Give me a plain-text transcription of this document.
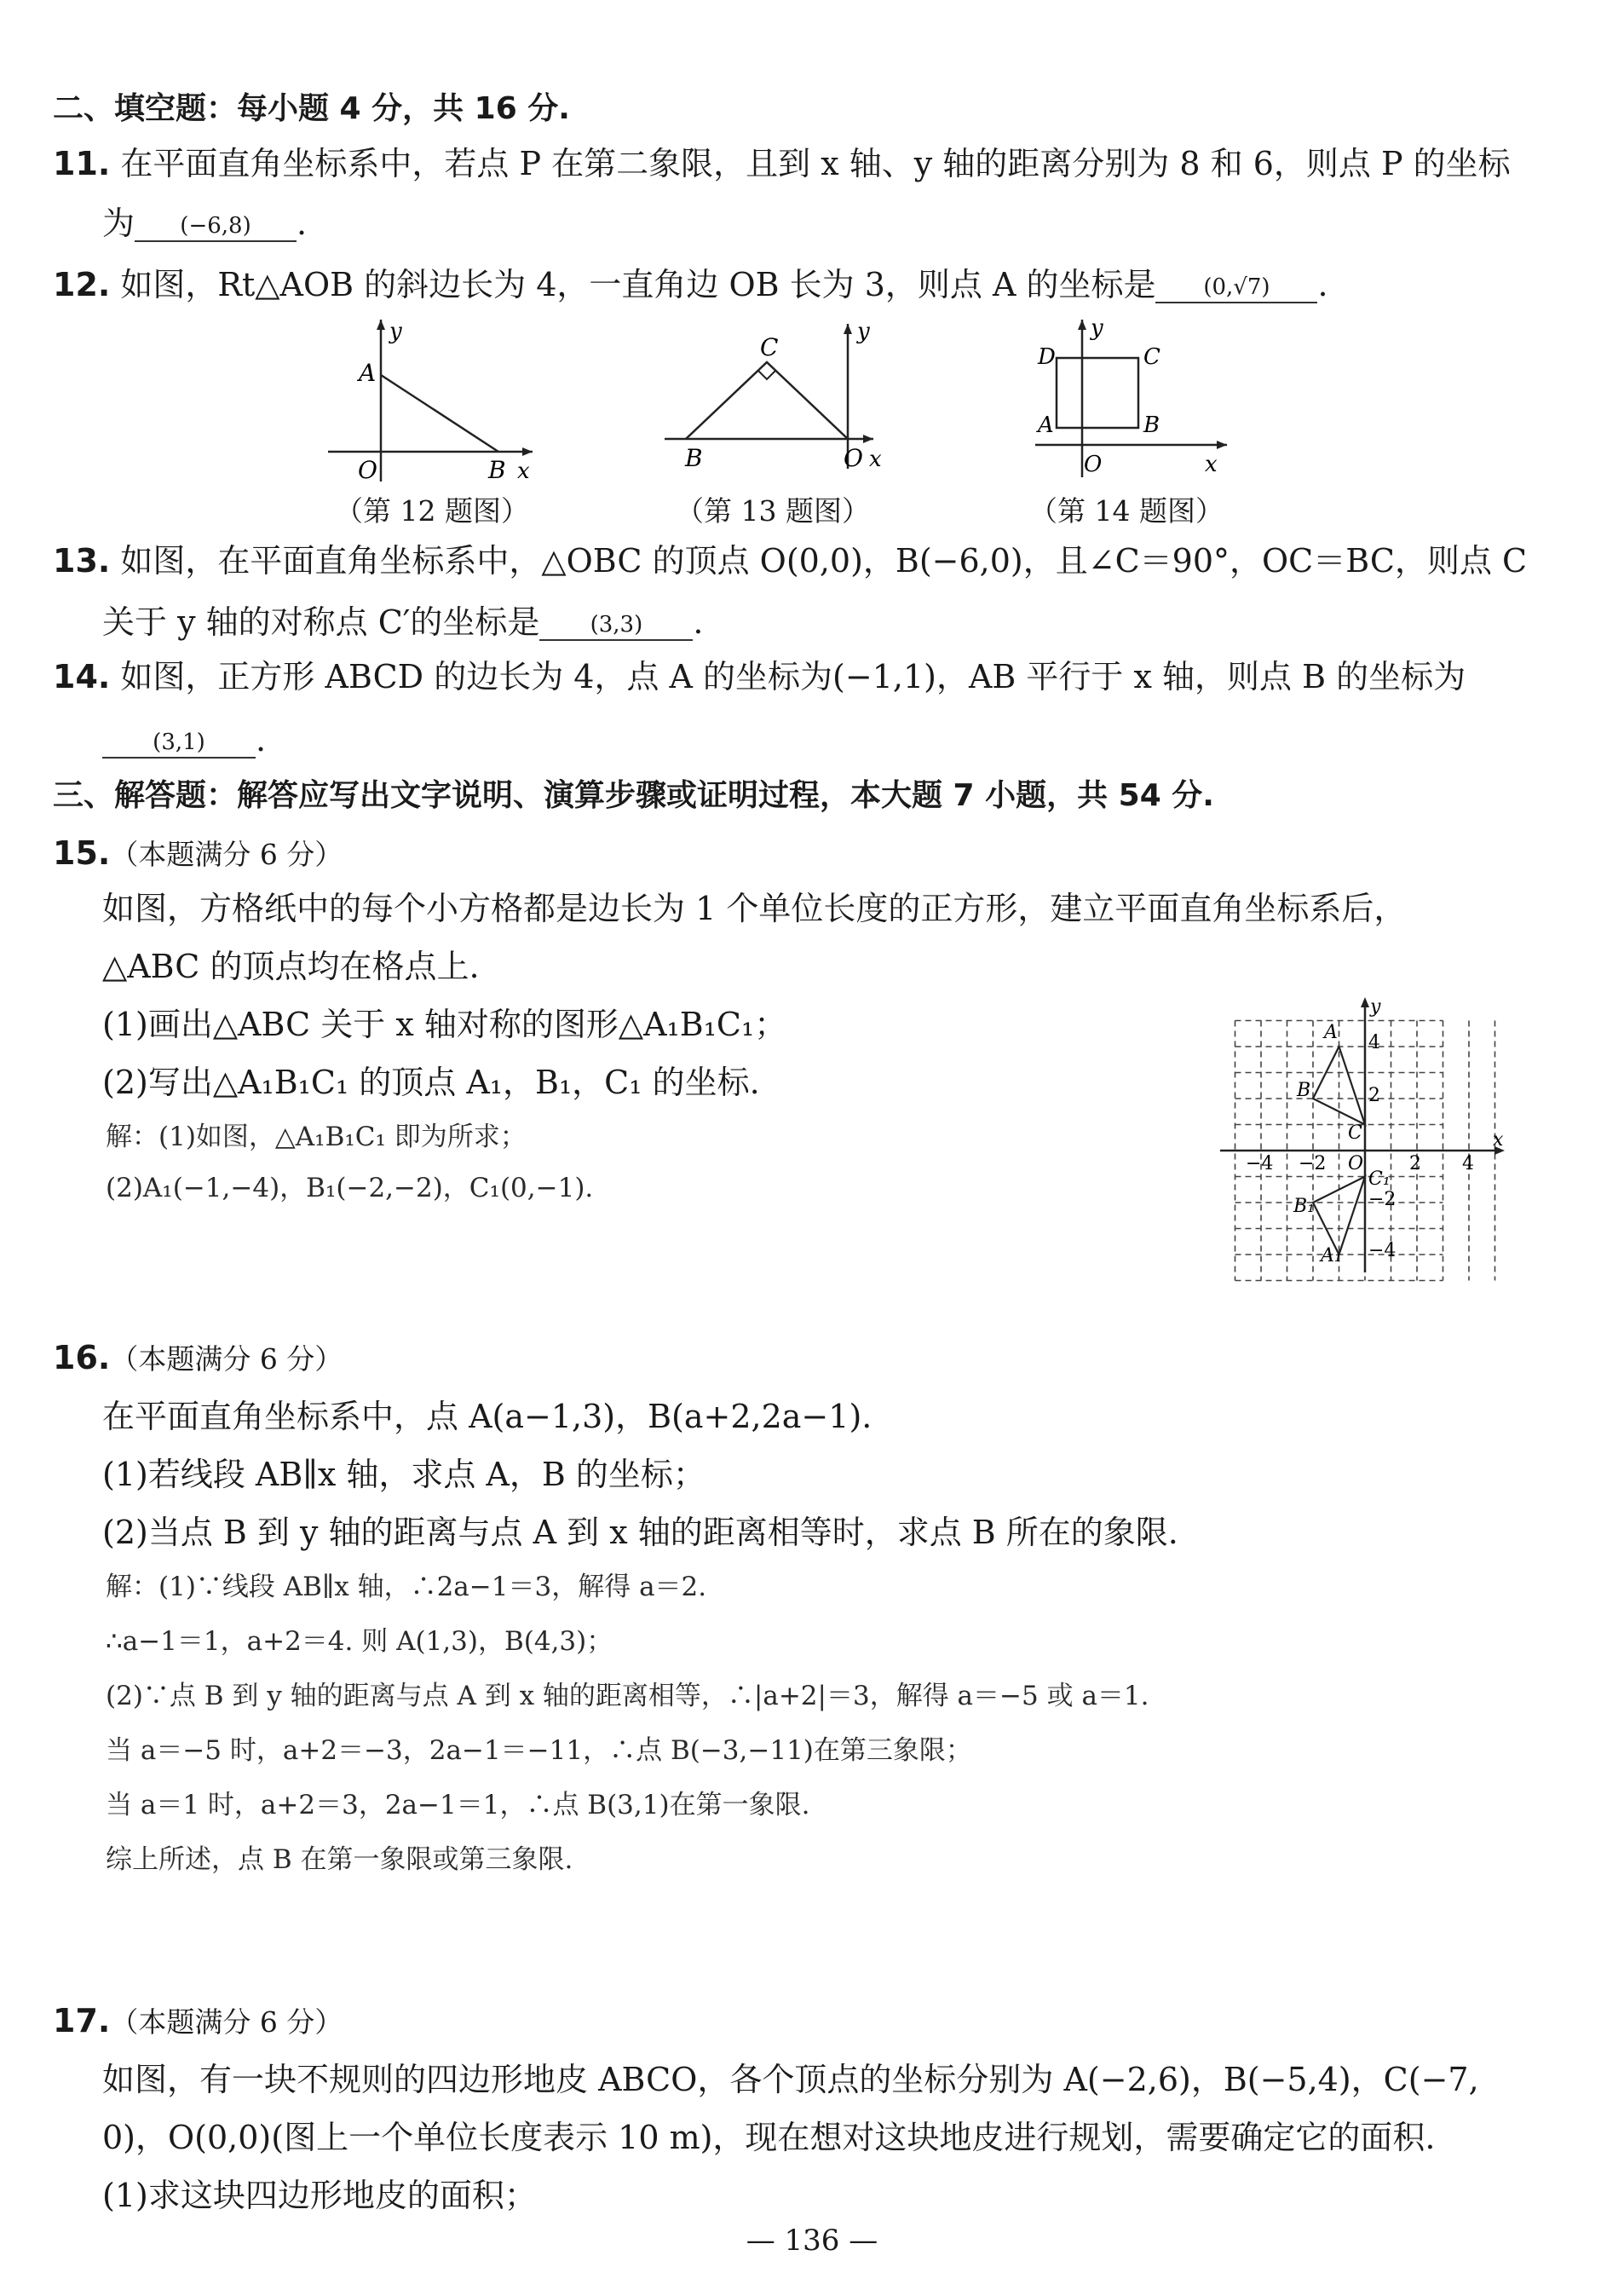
二、填空题：每小题 4 分，共 16 分.
11. 在平面直角坐标系中，若点 P 在第二象限，且到 x 轴、y 轴的距离分别为 8 和 6，则点 P 的坐标
为 (−6,8) .
12. 如图，Rt△AOB 的斜边长为 4，一直角边 OB 长为 3，则点 A 的坐标是 (0,√7) .
A
O	B x
y
（第 12 题图）
C
B	O x
y
（第 13 题图）
D	C
A	B
O	x
y
（第 14 题图）
13. 如图，在平面直角坐标系中，△OBC 的顶点 O(0,0)，B(−6,0)，且∠C＝90°，OC＝BC，则点 C
关于 y 轴的对称点 C′的坐标是 (3,3) .
14. 如图，正方形 ABCD 的边长为 4，点 A 的坐标为(−1,1)，AB 平行于 x 轴，则点 B 的坐标为
(3,1) .
三、解答题：解答应写出文字说明、演算步骤或证明过程，本大题 7 小题，共 54 分.
15.（本题满分 6 分）
如图，方格纸中的每个小方格都是边长为 1 个单位长度的正方形，建立平面直角坐标系后，
△ABC 的顶点均在格点上.
(1)画出△ABC 关于 x 轴对称的图形△A₁B₁C₁；
(2)写出△A₁B₁C₁ 的顶点 A₁，B₁，C₁ 的坐标.
解：(1)如图，△A₁B₁C₁ 即为所求；
(2)A₁(−1,−4)，B₁(−2,−2)，C₁(0,−1).
x
y
−4 −2 O 2 4
4
2
−2
−4
A
B
C
A₁
B₁
C₁
16.（本题满分 6 分）
在平面直角坐标系中，点 A(a−1,3)，B(a+2,2a−1).
(1)若线段 AB∥x 轴，求点 A，B 的坐标；
(2)当点 B 到 y 轴的距离与点 A 到 x 轴的距离相等时，求点 B 所在的象限.
解：(1)∵线段 AB∥x 轴，∴2a−1＝3，解得 a＝2.
∴a−1＝1，a+2＝4. 则 A(1,3)，B(4,3)；
(2)∵点 B 到 y 轴的距离与点 A 到 x 轴的距离相等，∴|a+2|＝3，解得 a＝−5 或 a＝1.
当 a＝−5 时，a+2＝−3，2a−1＝−11，∴点 B(−3,−11)在第三象限；
当 a＝1 时，a+2＝3，2a−1＝1，∴点 B(3,1)在第一象限.
综上所述，点 B 在第一象限或第三象限.
17.（本题满分 6 分）
如图，有一块不规则的四边形地皮 ABCO，各个顶点的坐标分别为 A(−2,6)，B(−5,4)，C(−7,
0)，O(0,0)(图上一个单位长度表示 10 m)，现在想对这块地皮进行规划，需要确定它的面积.
(1)求这块四边形地皮的面积；
— 136 —
